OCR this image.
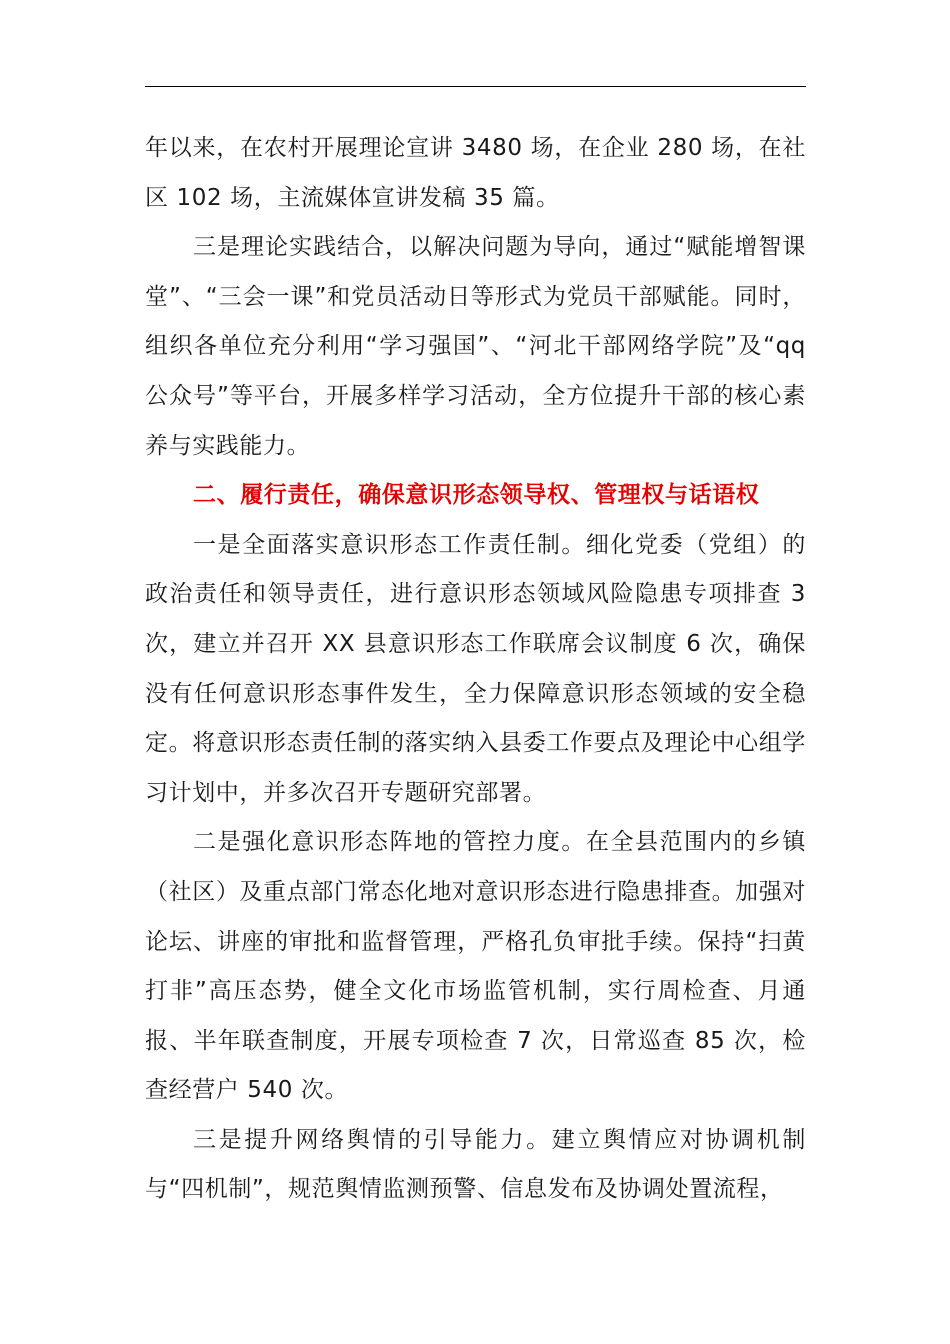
年以来，在农村开展理论宣讲 3480 场，在企业 280 场，在社区 102 场，主流媒体宣讲发稿 35 篇。

三是理论实践结合，以解决问题为导向，通过“赋能增智课堂”、“三会一课”和党员活动日等形式为党员干部赋能。同时，组织各单位充分利用“学习强国”、“河北干部网络学院”及“qq 公众号”等平台，开展多样学习活动，全方位提升干部的核心素养与实践能力。

二、履行责任，确保意识形态领导权、管理权与话语权

一是全面落实意识形态工作责任制。细化党委（党组）的政治责任和领导责任，进行意识形态领域风险隐患专项排查 3 次，建立并召开 XX 县意识形态工作联席会议制度 6 次，确保没有任何意识形态事件发生，全力保障意识形态领域的安全稳定。将意识形态责任制的落实纳入县委工作要点及理论中心组学习计划中，并多次召开专题研究部署。

二是强化意识形态阵地的管控力度。在全县范围内的乡镇（社区）及重点部门常态化地对意识形态进行隐患排查。加强对论坛、讲座的审批和监督管理，严格孔负审批手续。保持“扫黄打非”高压态势，健全文化市场监管机制，实行周检查、月通报、半年联查制度，开展专项检查 7 次，日常巡查 85 次，检查经营户 540 次。

三是提升网络舆情的引导能力。建立舆情应对协调机制与“四机制”，规范舆情监测预警、信息发布及协调处置流程，
